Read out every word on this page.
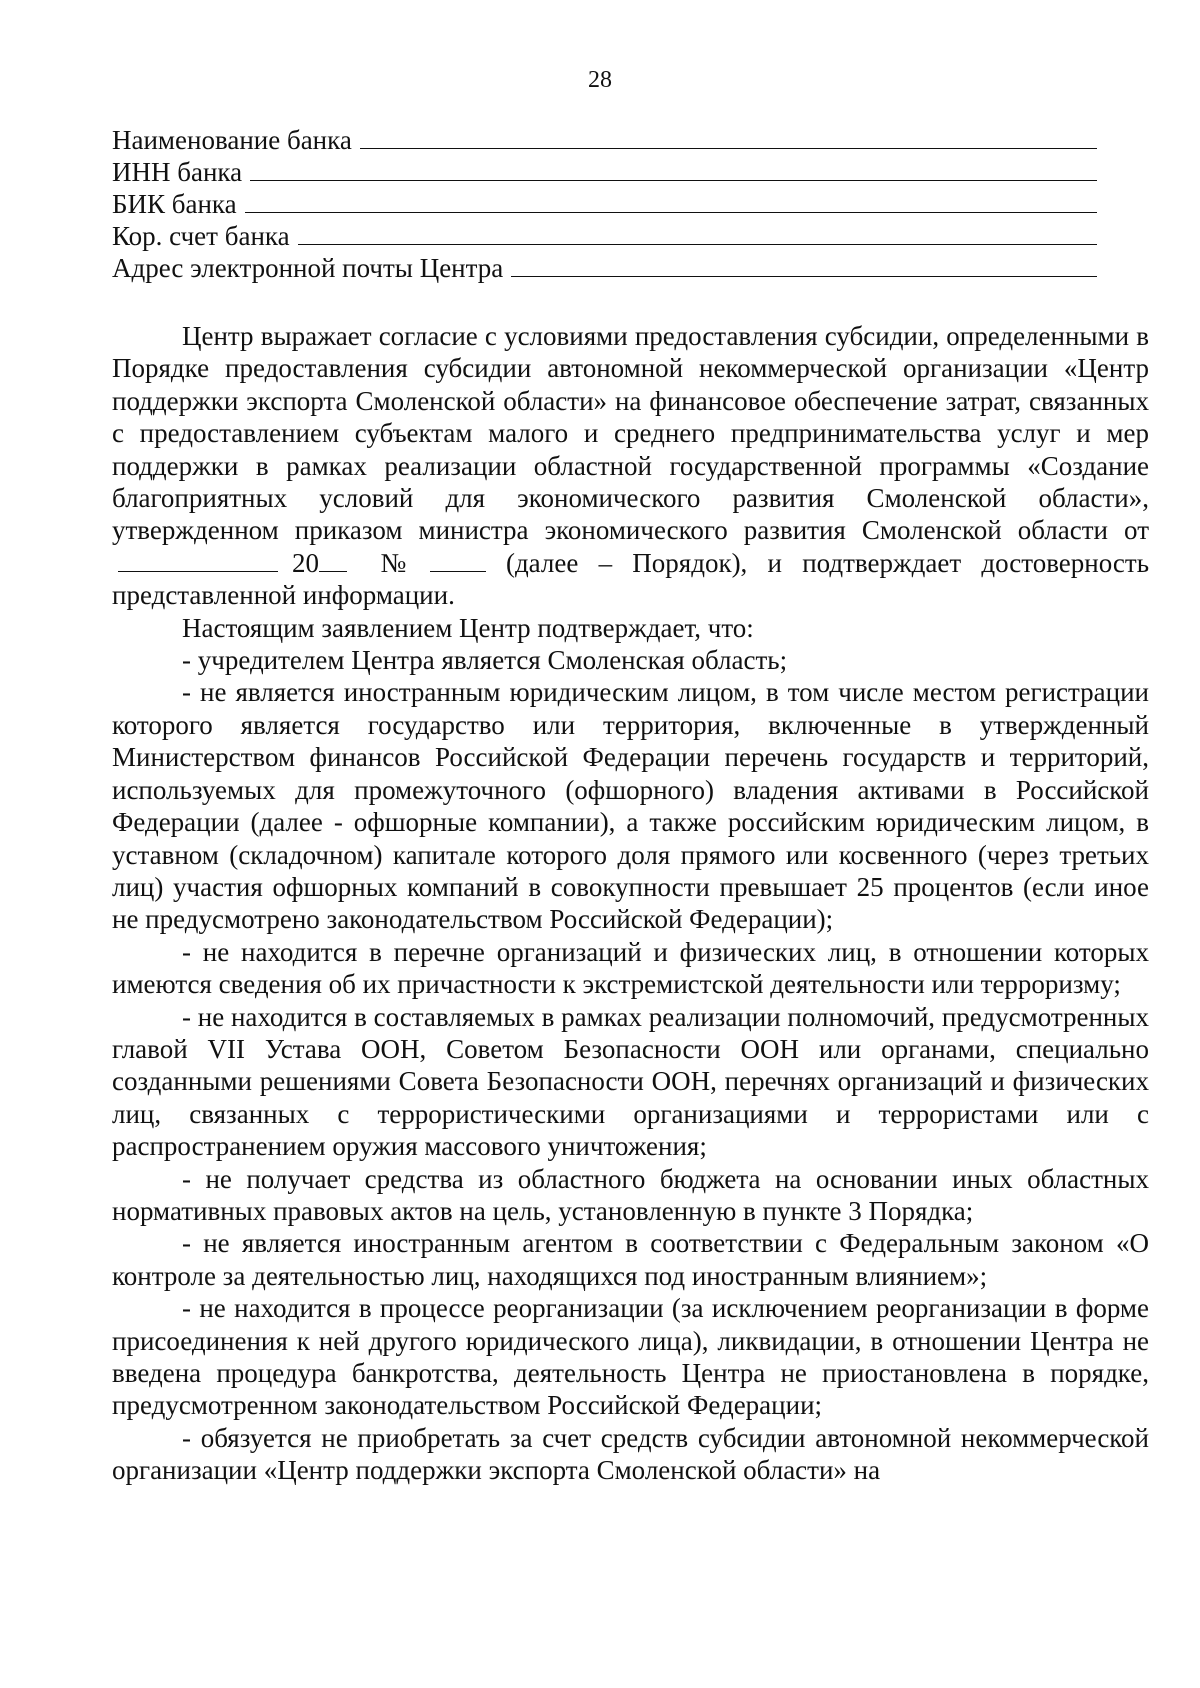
28
Наименование банка
ИНН банка
БИК банка
Кор. счет банка
Адрес электронной почты Центра

Центр выражает согласие с условиями предоставления субсидии, определенными в Порядке предоставления субсидии автономной некоммерческой организации «Центр поддержки экспорта Смоленской области» на финансовое обеспечение затрат, связанных с предоставлением субъектам малого и среднего предпринимательства услуг и мер поддержки в рамках реализации областной государственной программы «Создание благоприятных условий для экономического развития Смоленской области», утвержденном приказом министра экономического развития Смоленской области от20 №	(далее – Порядок), и подтверждает достоверность представленной информации.

Настоящим заявлением Центр подтверждает, что:

- учредителем Центра является Смоленская область;

- не является иностранным юридическим лицом, в том числе местом регистрации которого является государство или территория, включенные в утвержденный Министерством финансов Российской Федерации перечень государств и территорий, используемых для промежуточного (офшорного) владения активами в Российской Федерации (далее - офшорные компании), а также российским юридическим лицом, в уставном (складочном) капитале которого доля прямого или косвенного (через третьих лиц) участия офшорных компаний в совокупности превышает 25 процентов (если иное не предусмотрено законодательством Российской Федерации);

- не находится в перечне организаций и физических лиц, в отношении которых имеются сведения об их причастности к экстремистской деятельности или терроризму;

- не находится в составляемых в рамках реализации полномочий, предусмотренных главой VII Устава ООН, Советом Безопасности ООН или органами, специально созданными решениями Совета Безопасности ООН, перечнях организаций и физических лиц, связанных с террористическими организациями и террористами или с распространением оружия массового уничтожения;

- не получает средства из областного бюджета на основании иных областных нормативных правовых актов на цель, установленную в пункте 3 Порядка;

- не является иностранным агентом в соответствии с Федеральным законом «О контроле за деятельностью лиц, находящихся под иностранным влиянием»;

- не находится в процессе реорганизации (за исключением реорганизации в форме присоединения к ней другого юридического лица), ликвидации, в отношении Центра не введена процедура банкротства, деятельность Центра не приостановлена в порядке, предусмотренном законодательством Российской Федерации;

- обязуется не приобретать за счет средств субсидии автономной некоммерческой организации «Центр поддержки экспорта Смоленской области» на
